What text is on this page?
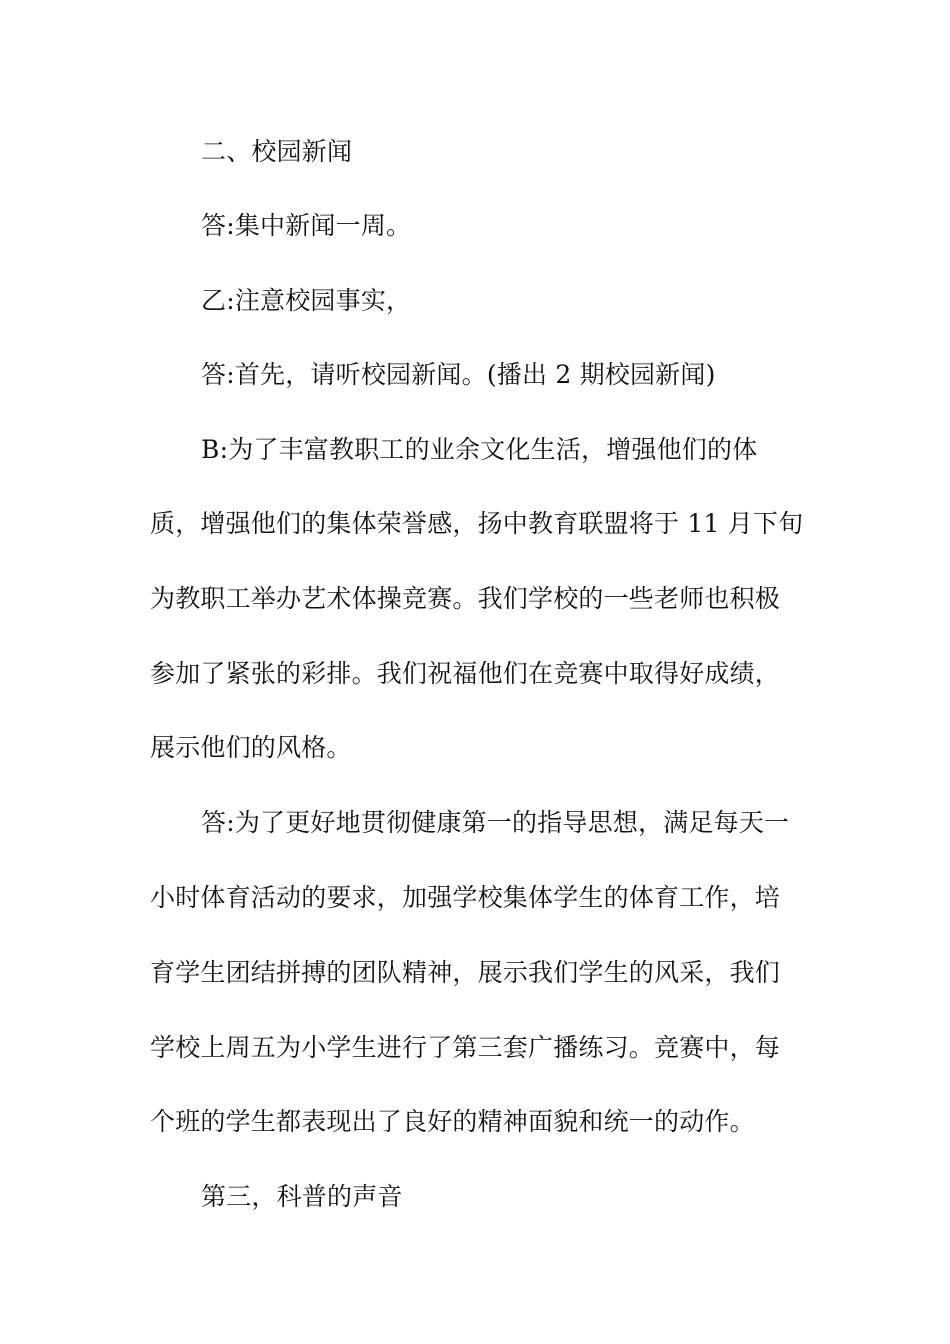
二、校园新闻
答:集中新闻一周。
乙:注意校园事实，
答:首先，请听校园新闻。(播出 2 期校园新闻)
B:为了丰富教职工的业余文化生活，增强他们的体
质，增强他们的集体荣誉感，扬中教育联盟将于 11 月下旬
为教职工举办艺术体操竞赛。我们学校的一些老师也积极
参加了紧张的彩排。我们祝福他们在竞赛中取得好成绩，
展示他们的风格。
答:为了更好地贯彻健康第一的指导思想，满足每天一
小时体育活动的要求，加强学校集体学生的体育工作，培
育学生团结拼搏的团队精神，展示我们学生的风采，我们
学校上周五为小学生进行了第三套广播练习。竞赛中，每
个班的学生都表现出了良好的精神面貌和统一的动作。
第三，科普的声音
